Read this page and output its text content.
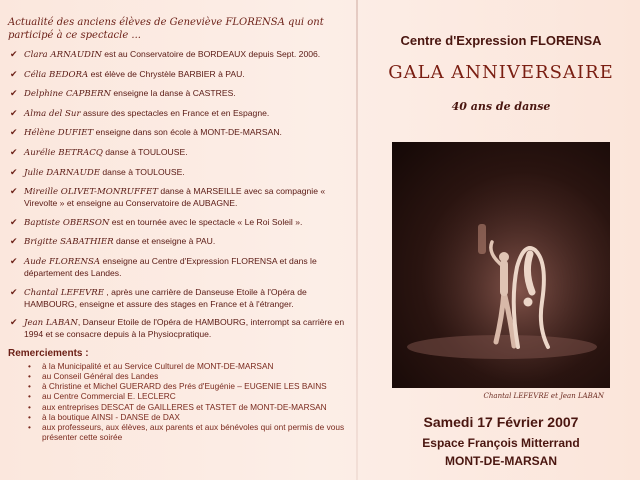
Actualité des anciens élèves de Geneviève FLORENSA qui ont participé à ce spectacle ...

✔ Clara ARNAUDIN est au Conservatoire de BORDEAUX depuis Sept. 2006.
✔ Célia BEDORA est élève de Chrystèle BARBIER à PAU.
✔ Delphine CAPBERN enseigne la danse à CASTRES.
✔ Alma del Sur assure des spectacles en France et en Espagne.
✔ Hélène DUFIET enseigne dans son école à MONT-DE-MARSAN.
✔ Aurélie BETRACQ danse à TOULOUSE.
✔ Julie DARNAUDE danse à TOULOUSE.
✔ Mireille OLIVET-MONRUFFET danse à MARSEILLE avec sa compagnie « Virevolte » et enseigne au Conservatoire de AUBAGNE.
✔ Baptiste OBERSON est en tournée avec le spectacle « Le Roi Soleil ».
✔ Brigitte SABATHIER danse et enseigne à PAU.
✔ Aude FLORENSA enseigne au Centre d'Expression FLORENSA et dans le département des Landes.
✔ Chantal LEFEVRE , après une carrière de Danseuse Etoile à l'Opéra de HAMBOURG, enseigne et assure des stages en France et à l'étranger.
✔ Jean LABAN, Danseur Etoile de l'Opéra de HAMBOURG, interrompt sa carrière en 1994 et se consacre depuis à la Physiocpratique.
Remerciements :
• à la Municipalité et au Service Culturel de MONT-DE-MARSAN
• au Conseil Général des Landes
• à Christine et Michel GUERARD des Prés d'Eugénie – EUGENIE LES BAINS
• au Centre Commercial E. LECLERC
• aux entreprises DESCAT de GAILLERES et TASTET de MONT-DE-MARSAN
• à la boutique AINSI - DANSE de DAX
• aux professeurs, aux élèves, aux parents et aux bénévoles qui ont permis de vous présenter cette soirée
Centre d'Expression FLORENSA
GALA ANNIVERSAIRE
40 ans de danse
Chantal LEFEVRE et Jean LABAN
Samedi 17 Février 2007
Espace François Mitterrand
MONT-DE-MARSAN
